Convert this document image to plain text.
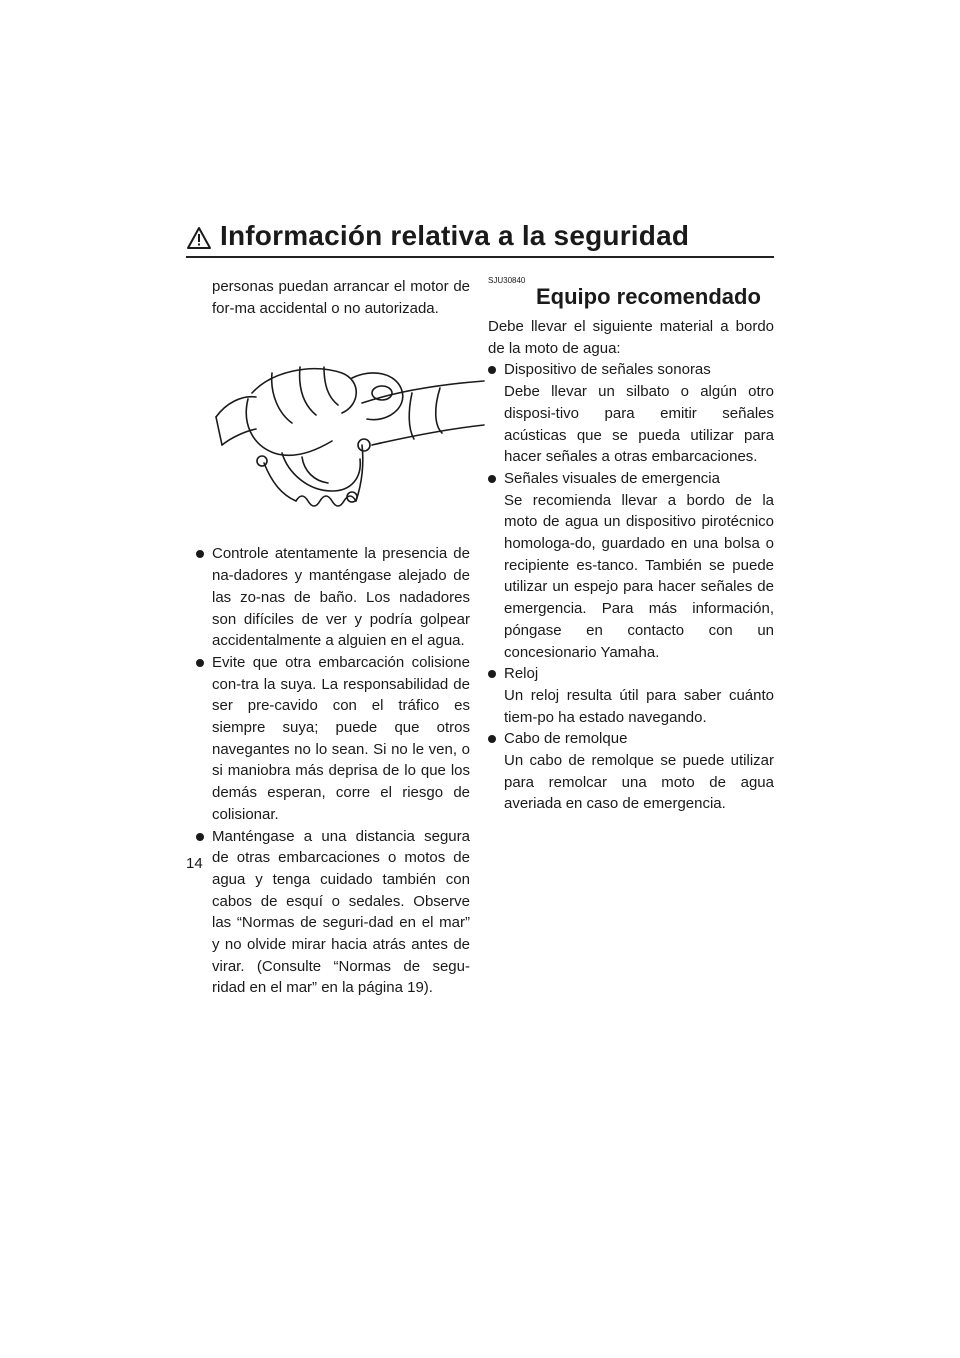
Información relativa a la seguridad

personas puedan arrancar el motor de for-ma accidental o no autorizada.

Controle atentamente la presencia de na-dadores y manténgase alejado de las zo-nas de baño. Los nadadores son difíciles de ver y podría golpear accidentalmente a alguien en el agua.

Evite que otra embarcación colisione con-tra la suya. La responsabilidad de ser pre-cavido con el tráfico es siempre suya; puede que otros navegantes no lo sean. Si no le ven, o si maniobra más deprisa de lo que los demás esperan, corre el riesgo de colisionar.

Manténgase a una distancia segura de otras embarcaciones o motos de agua y tenga cuidado también con cabos de esquí o sedales. Observe las “Normas de seguri-dad en el mar” y no olvide mirar hacia atrás antes de virar. (Consulte “Normas de segu-ridad en el mar” en la página 19).

SJU30840
Equipo recomendado

Debe llevar el siguiente material a bordo de la moto de agua:

Dispositivo de señales sonoras
Debe llevar un silbato o algún otro disposi-tivo para emitir señales acústicas que se pueda utilizar para hacer señales a otras embarcaciones.

Señales visuales de emergencia
Se recomienda llevar a bordo de la moto de agua un dispositivo pirotécnico homologa-do, guardado en una bolsa o recipiente es-tanco. También se puede utilizar un espejo para hacer señales de emergencia. Para más información, póngase en contacto con un concesionario Yamaha.

Reloj
Un reloj resulta útil para saber cuánto tiem-po ha estado navegando.

Cabo de remolque
Un cabo de remolque se puede utilizar para remolcar una moto de agua averiada en caso de emergencia.

14
